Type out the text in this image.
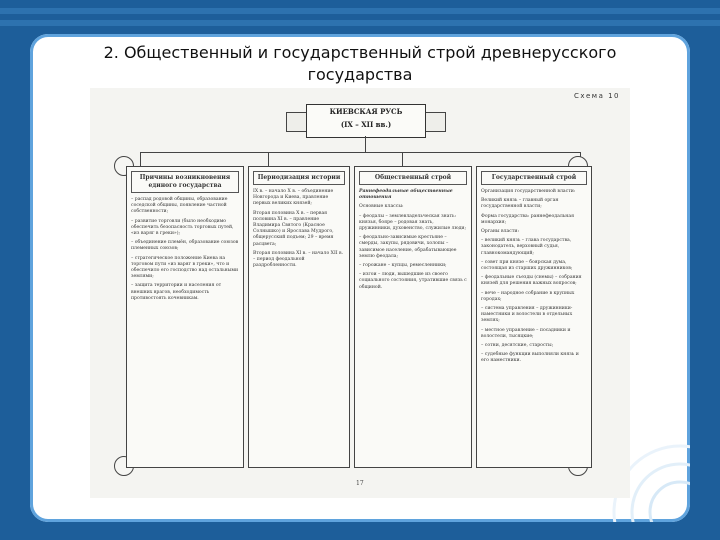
2. Общественный и государственный строй древнерусского
государства
Схема 10
КИЕВСКАЯ РУСЬ
(IX – XII вв.)
Причины возникновения единого государства

– распад родовой общины, образование соседской общины, появление частной собственности;

– развитие торговли (было необходимо обеспечить безопасность торговых путей, «из варяг в греки»);

– объединение племён, образование союзов племенных союзов;

– стратегическое положение Киева на торговом пути «из варяг в греки», что и обеспечило его господство над остальными землями;

– защита территории и населения от внешних врагов, необходимость противостоять кочевникам.

Периодизация истории

IX в. – начало X в. – объединение Новгорода и Киева, правление первых великих князей;

Вторая половина X в. – первая половина XI в. – правление Владимира Святого (Красное Солнышко) и Ярослава Мудрого, общерусский подъем; 29 – время расцвета;

Вторая половина XI в. – начало XII в. – период феодальной раздробленности.

Общественный строй

Раннефеодальные общественные отношения

Основные классы:

– феодалы – землевладельческая знать: князья, бояре – родовая знать, дружинники, духовенство, служилые люди;

– феодально-зависимые крестьяне – смерды, закупы, рядовичи, холопы – зависимое население, обрабатывающее землю феодала;

– горожане – купцы, ремесленники;

– изгои – люди, вышедшие из своего социального состояния, утратившие связь с общиной.

Государственный строй

Организация государственной власти:

Великий князь – главный орган государственной власти;

Форма государства: раннефеодальная монархия;

Органы власти:

– великий князь – глава государства, законодатель, верховный судья, главнокомандующий;

– совет при князе – боярская дума, состоящая из старших дружинников;

– феодальные съезды (снемы) – собрания князей для решения важных вопросов;

– вече – народное собрание в крупных городах;

– система управления – дружинники-наместники и волостели в отдельных землях;

– местное управление – посадники и волостели, тысяцкие;

– сотни, десятские, старосты;

– судебные функции выполняли князь и его наместники.

17
